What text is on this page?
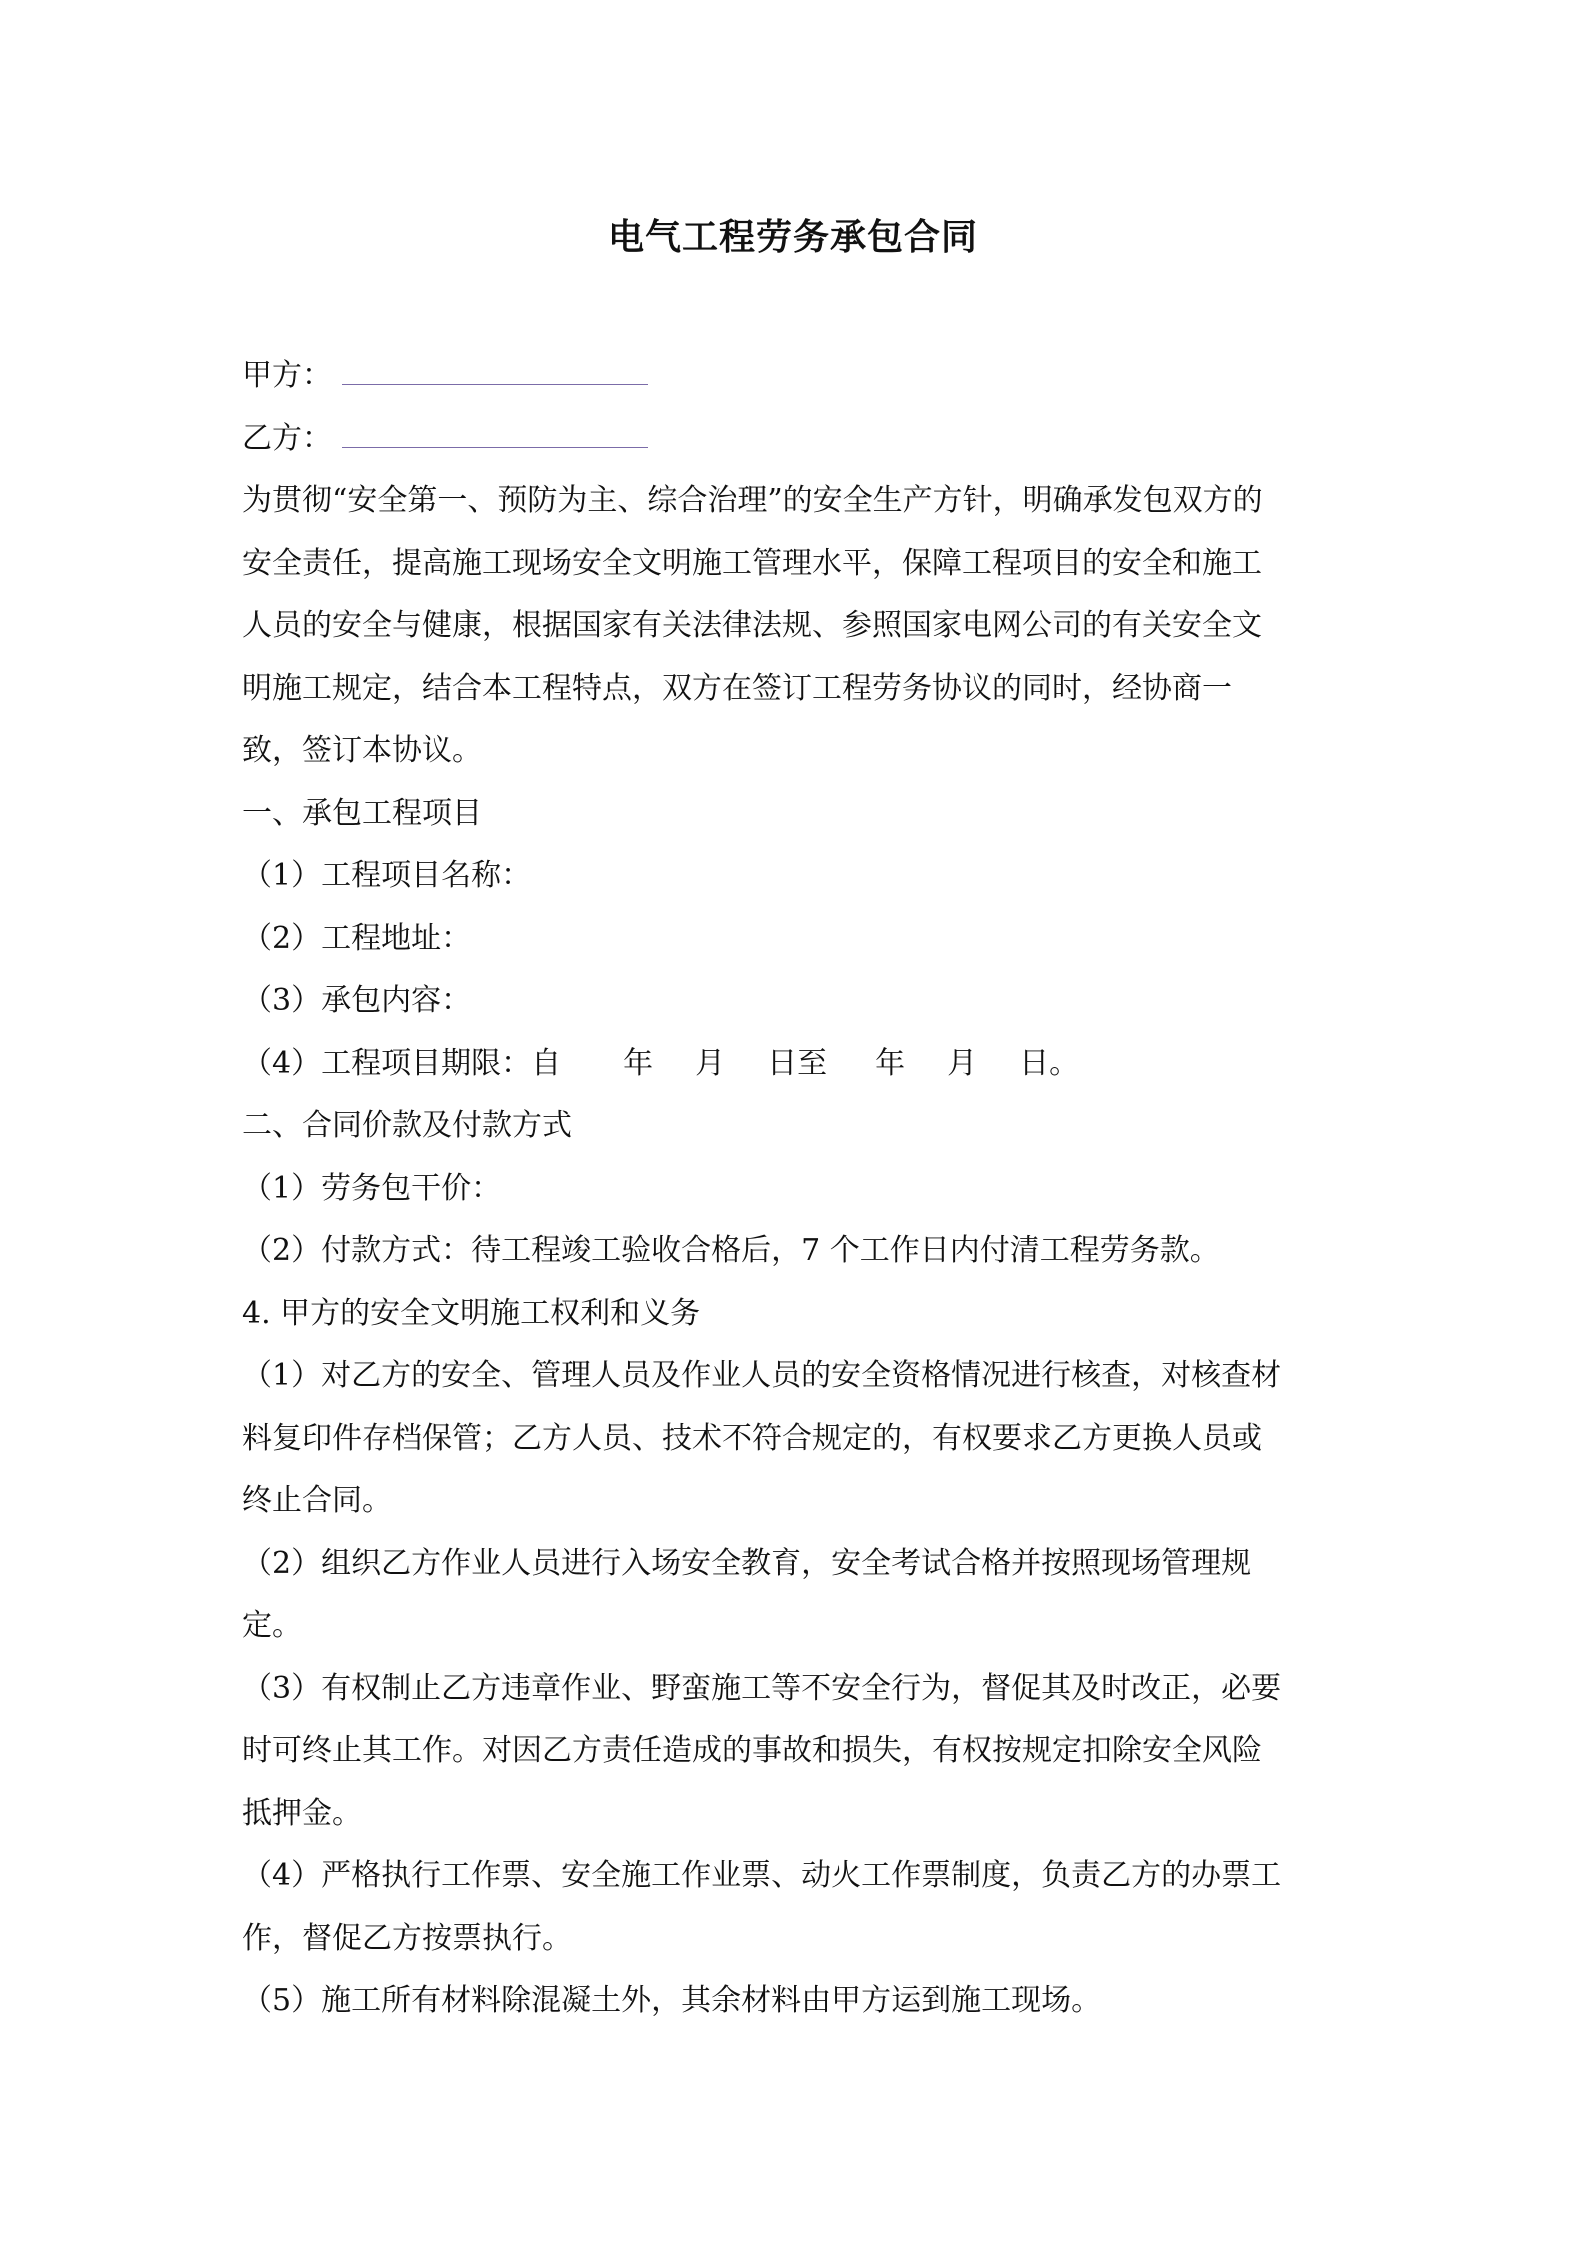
电气工程劳务承包合同
甲方：
乙方：
为贯彻“安全第一、预防为主、综合治理”的安全生产方针，明确承发包双方的
安全责任，提高施工现场安全文明施工管理水平，保障工程项目的安全和施工
人员的安全与健康，根据国家有关法律法规、参照国家电网公司的有关安全文
明施工规定，结合本工程特点，双方在签订工程劳务协议的同时，经协商一
致，签订本协议。
一、承包工程项目
（1）工程项目名称：
（2）工程地址：
（3）承包内容：
（4）工程项目期限：自 年 月 日至 年 月 日。
二、合同价款及付款方式
（1）劳务包干价：
（2）付款方式：待工程竣工验收合格后，7 个工作日内付清工程劳务款。
4. 甲方的安全文明施工权利和义务
（1）对乙方的安全、管理人员及作业人员的安全资格情况进行核查，对核查材
料复印件存档保管；乙方人员、技术不符合规定的，有权要求乙方更换人员或
终止合同。
（2）组织乙方作业人员进行入场安全教育，安全考试合格并按照现场管理规
定。
（3）有权制止乙方违章作业、野蛮施工等不安全行为，督促其及时改正，必要
时可终止其工作。对因乙方责任造成的事故和损失，有权按规定扣除安全风险
抵押金。
（4）严格执行工作票、安全施工作业票、动火工作票制度，负责乙方的办票工
作，督促乙方按票执行。
（5）施工所有材料除混凝土外，其余材料由甲方运到施工现场。
